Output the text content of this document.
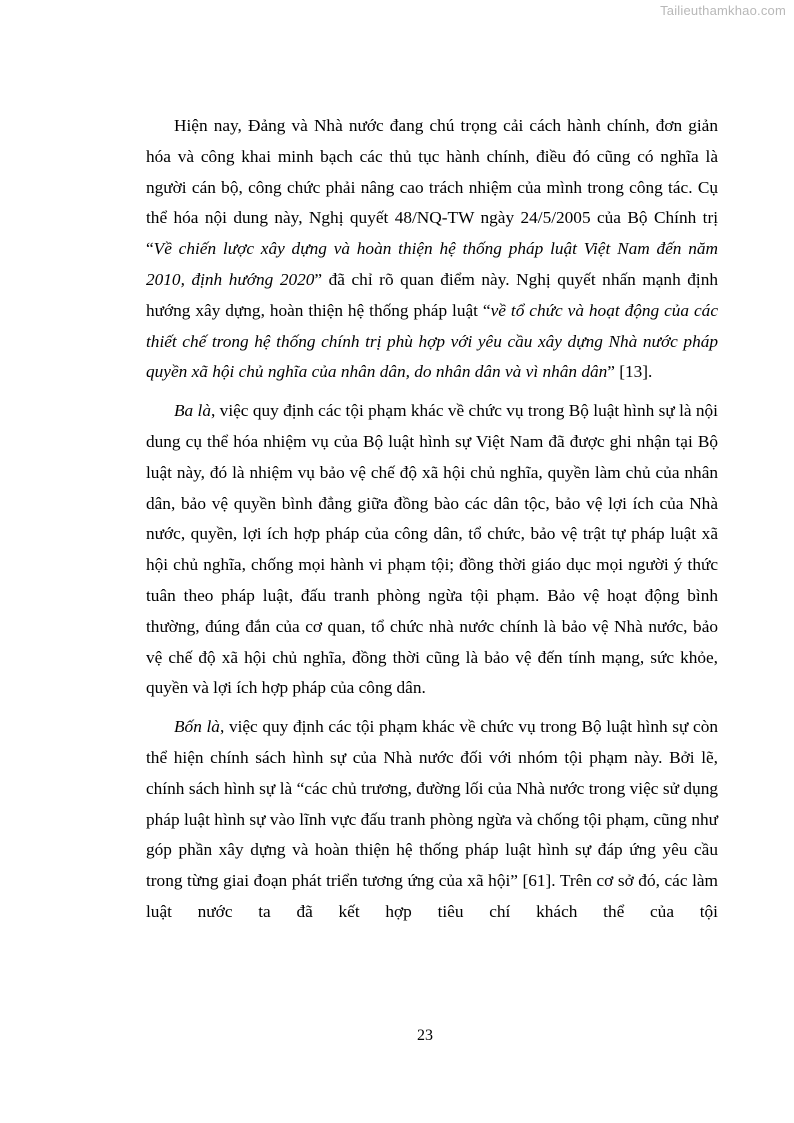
Tailieuthamkhao.com

Hiện nay, Đảng và Nhà nước đang chú trọng cải cách hành chính, đơn giản hóa và công khai minh bạch các thủ tục hành chính, điều đó cũng có nghĩa là người cán bộ, công chức phải nâng cao trách nhiệm của mình trong công tác. Cụ thể hóa nội dung này, Nghị quyết 48/NQ-TW ngày 24/5/2005 của Bộ Chính trị “Về chiến lược xây dựng và hoàn thiện hệ thống pháp luật Việt Nam đến năm 2010, định hướng 2020” đã chỉ rõ quan điểm này. Nghị quyết nhấn mạnh định hướng xây dựng, hoàn thiện hệ thống pháp luật “về tổ chức và hoạt động của các thiết chế trong hệ thống chính trị phù hợp với yêu cầu xây dựng Nhà nước pháp quyền xã hội chủ nghĩa của nhân dân, do nhân dân và vì nhân dân” [13].

Ba là, việc quy định các tội phạm khác về chức vụ trong Bộ luật hình sự là nội dung cụ thể hóa nhiệm vụ của Bộ luật hình sự Việt Nam đã được ghi nhận tại Bộ luật này, đó là nhiệm vụ bảo vệ chế độ xã hội chủ nghĩa, quyền làm chủ của nhân dân, bảo vệ quyền bình đẳng giữa đồng bào các dân tộc, bảo vệ lợi ích của Nhà nước, quyền, lợi ích hợp pháp của công dân, tổ chức, bảo vệ trật tự pháp luật xã hội chủ nghĩa, chống mọi hành vi phạm tội; đồng thời giáo dục mọi người ý thức tuân theo pháp luật, đấu tranh phòng ngừa tội phạm. Bảo vệ hoạt động bình thường, đúng đắn của cơ quan, tổ chức nhà nước chính là bảo vệ Nhà nước, bảo vệ chế độ xã hội chủ nghĩa, đồng thời cũng là bảo vệ đến tính mạng, sức khỏe, quyền và lợi ích hợp pháp của công dân.

Bốn là, việc quy định các tội phạm khác về chức vụ trong Bộ luật hình sự còn thể hiện chính sách hình sự của Nhà nước đối với nhóm tội phạm này. Bởi lẽ, chính sách hình sự là “các chủ trương, đường lối của Nhà nước trong việc sử dụng pháp luật hình sự vào lĩnh vực đấu tranh phòng ngừa và chống tội phạm, cũng như góp phần xây dựng và hoàn thiện hệ thống pháp luật hình sự đáp ứng yêu cầu trong từng giai đoạn phát triển tương ứng của xã hội” [61]. Trên cơ sở đó, các làm luật nước ta đã kết hợp tiêu chí khách thể của tội

23
